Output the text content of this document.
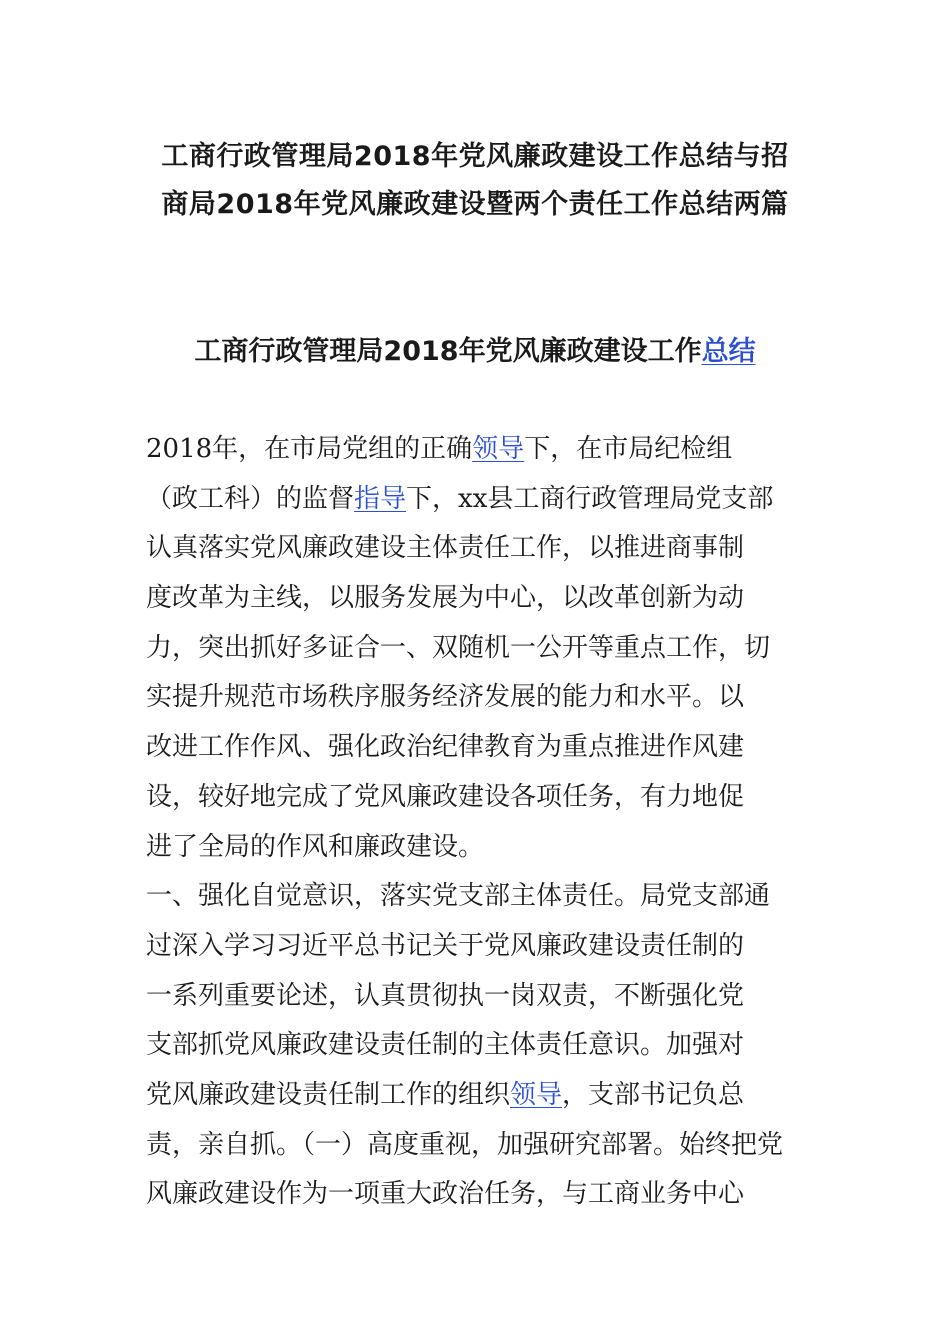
工商行政管理局2018年党风廉政建设工作总结与招
商局2018年党风廉政建设暨两个责任工作总结两篇
工商行政管理局2018年党风廉政建设工作总结
2018年，在市局党组的正确领导下，在市局纪检组
（政工科）的监督指导下，xx县工商行政管理局党支部
认真落实党风廉政建设主体责任工作，以推进商事制
度改革为主线，以服务发展为中心，以改革创新为动
力，突出抓好多证合一、双随机一公开等重点工作，切
实提升规范市场秩序服务经济发展的能力和水平。以
改进工作作风、强化政治纪律教育为重点推进作风建
设，较好地完成了党风廉政建设各项任务，有力地促
进了全局的作风和廉政建设。
一、强化自觉意识，落实党支部主体责任。局党支部通
过深入学习习近平总书记关于党风廉政建设责任制的
一系列重要论述，认真贯彻执一岗双责，不断强化党
支部抓党风廉政建设责任制的主体责任意识。加强对
党风廉政建设责任制工作的组织领导，支部书记负总
责，亲自抓。（一）高度重视，加强研究部署。始终把党
风廉政建设作为一项重大政治任务，与工商业务中心
